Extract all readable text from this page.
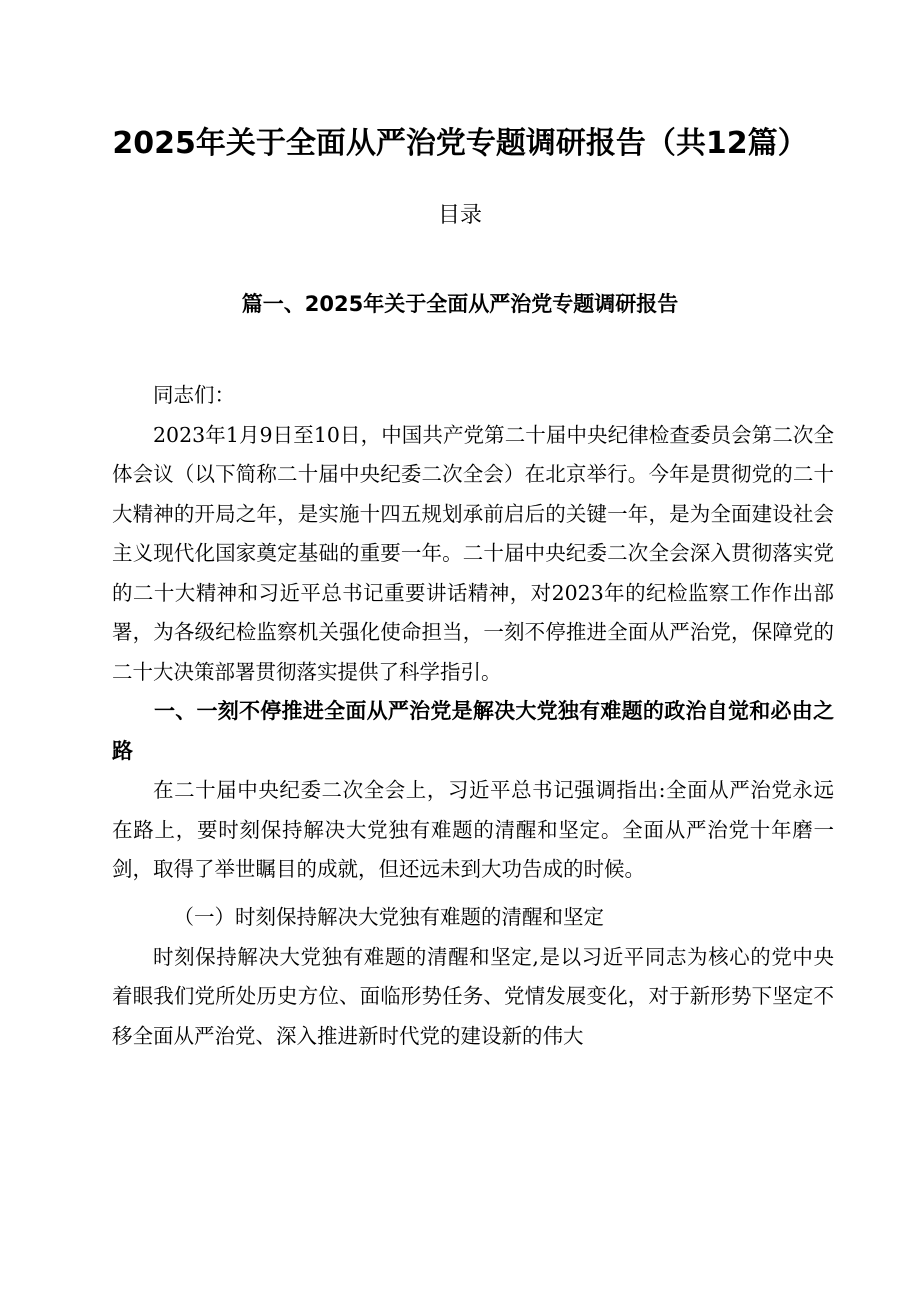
2025年关于全面从严治党专题调研报告（共12篇）
目录
篇一、2025年关于全面从严治党专题调研报告

同志们：

2023年1月9日至10日，中国共产党第二十届中央纪律检查委员会第二次全体会议（以下简称二十届中央纪委二次全会）在北京举行。今年是贯彻党的二十大精神的开局之年，是实施十四五规划承前启后的关键一年，是为全面建设社会主义现代化国家奠定基础的重要一年。二十届中央纪委二次全会深入贯彻落实党的二十大精神和习近平总书记重要讲话精神，对2023年的纪检监察工作作出部署，为各级纪检监察机关强化使命担当，一刻不停推进全面从严治党，保障党的二十大决策部署贯彻落实提供了科学指引。

一、一刻不停推进全面从严治党是解决大党独有难题的政治自觉和必由之路

在二十届中央纪委二次全会上，习近平总书记强调指出:全面从严治党永远在路上，要时刻保持解决大党独有难题的清醒和坚定。全面从严治党十年磨一剑，取得了举世瞩目的成就，但还远未到大功告成的时候。

（一）时刻保持解决大党独有难题的清醒和坚定

时刻保持解决大党独有难题的清醒和坚定,是以习近平同志为核心的党中央着眼我们党所处历史方位、面临形势任务、党情发展变化，对于新形势下坚定不移全面从严治党、深入推进新时代党的建设新的伟大
